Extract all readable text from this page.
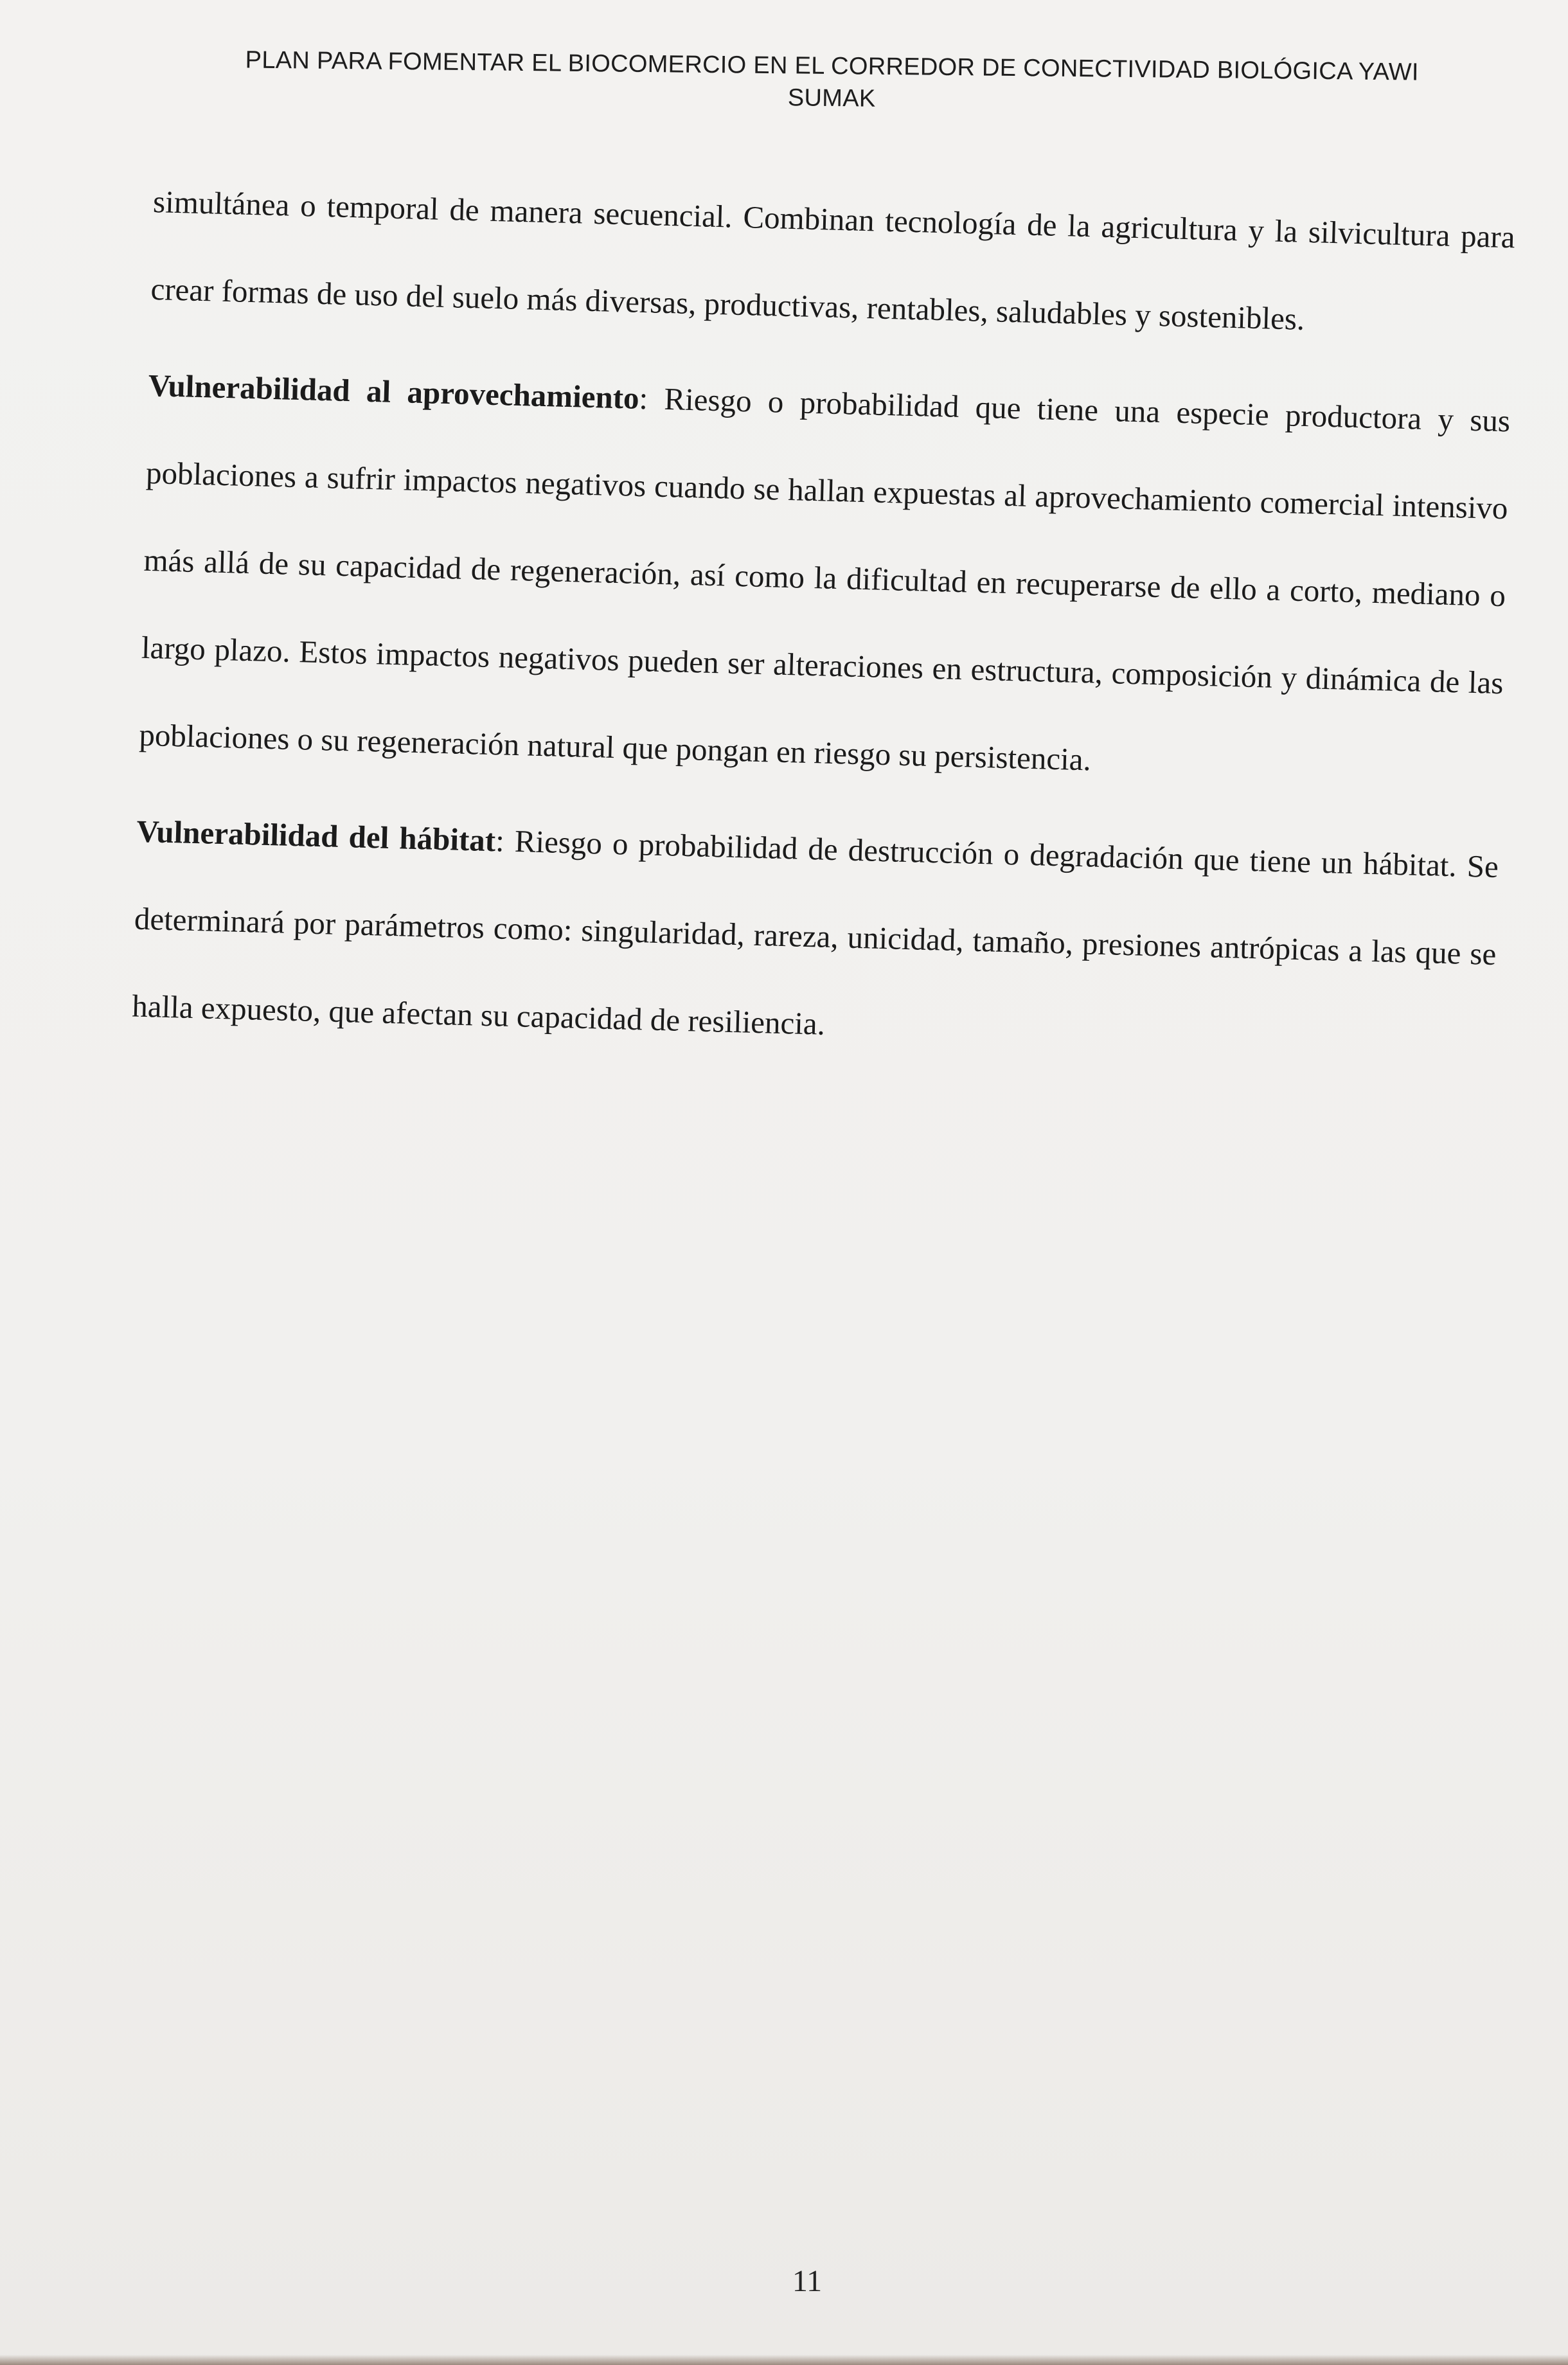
PLAN PARA FOMENTAR EL BIOCOMERCIO EN EL CORREDOR DE CONECTIVIDAD BIOLÓGICA YAWI
SUMAK

simultánea o temporal de manera secuencial. Combinan tecnología de la agricultura y la silvicultura para crear formas de uso del suelo más diversas, productivas, rentables, saludables y sostenibles.

Vulnerabilidad al aprovechamiento: Riesgo o probabilidad que tiene una especie productora y sus poblaciones a sufrir impactos negativos cuando se hallan expuestas al aprovechamiento comercial intensivo más allá de su capacidad de regeneración, así como la dificultad en recuperarse de ello a corto, mediano o largo plazo. Estos impactos negativos pueden ser alteraciones en estructura, composición y dinámica de las poblaciones o su regeneración natural que pongan en riesgo su persistencia.

Vulnerabilidad del hábitat: Riesgo o probabilidad de destrucción o degradación que tiene un hábitat. Se determinará por parámetros como: singularidad, rareza, unicidad, tamaño, presiones antrópicas a las que se halla expuesto, que afectan su capacidad de resiliencia.

11
